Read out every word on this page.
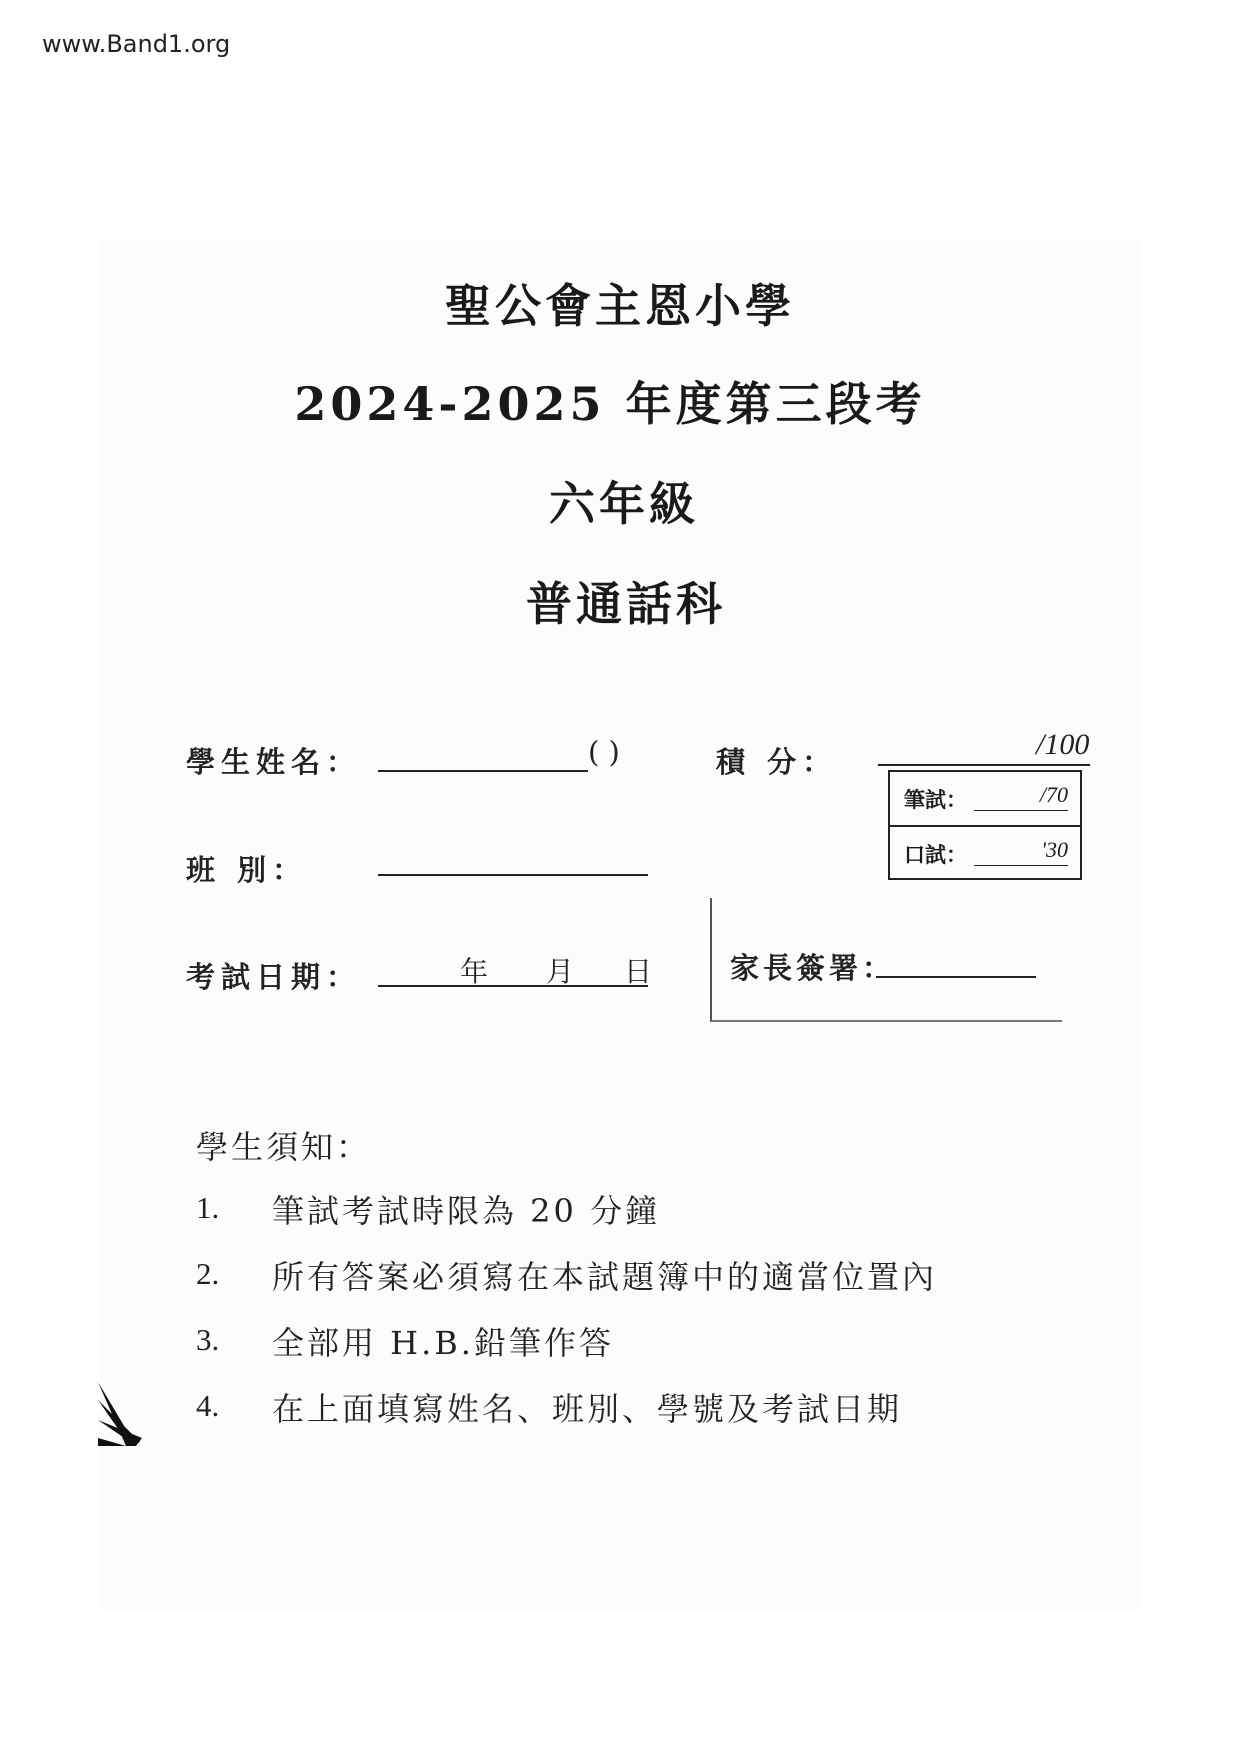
www.Band1.org
聖公會主恩小學
2024-2025 年度第三段考
六年級
普通話科
學生姓名：	( )	積 分：
/100
筆試：	/70
口試：	'30
班 別：
家長簽署：
考試日期：	年 月 日
學生須知：
1. 筆試考試時限為 20 分鐘
2. 所有答案必須寫在本試題簿中的適當位置內
3. 全部用 H.B.鉛筆作答
4. 在上面填寫姓名、班別、學號及考試日期
